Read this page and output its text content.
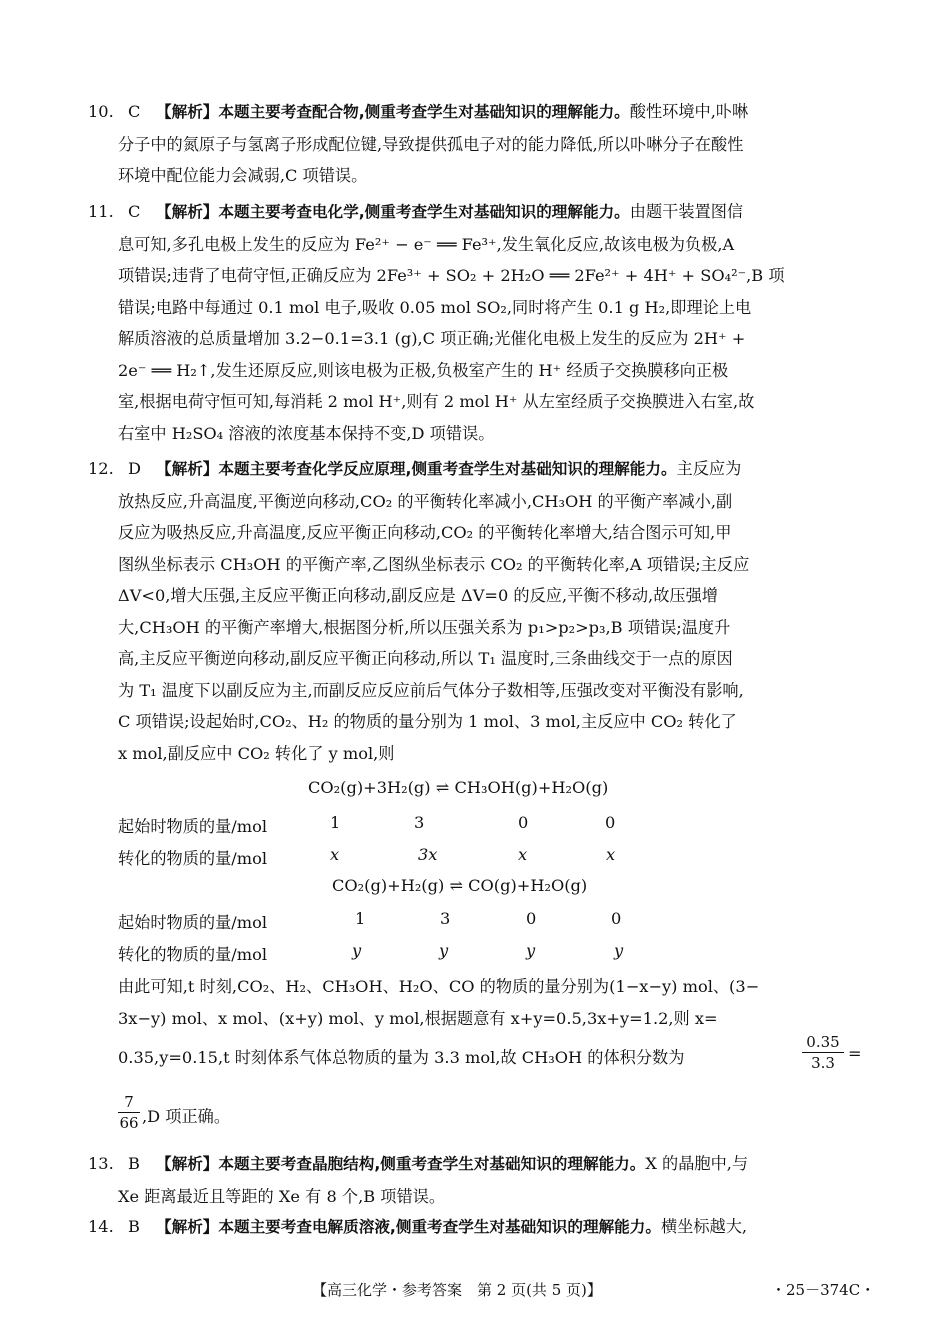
10. C 【解析】本题主要考查配合物,侧重考查学生对基础知识的理解能力。酸性环境中,卟啉
分子中的氮原子与氢离子形成配位键,导致提供孤电子对的能力降低,所以卟啉分子在酸性
环境中配位能力会减弱,C 项错误。
11. C 【解析】本题主要考查电化学,侧重考查学生对基础知识的理解能力。由题干装置图信
息可知,多孔电极上发生的反应为 Fe²⁺ − e⁻ ══ Fe³⁺,发生氧化反应,故该电极为负极,A
项错误;违背了电荷守恒,正确反应为 2Fe³⁺ + SO₂ + 2H₂O ══ 2Fe²⁺ + 4H⁺ + SO₄²⁻,B 项
错误;电路中每通过 0.1 mol 电子,吸收 0.05 mol SO₂,同时将产生 0.1 g H₂,即理论上电
解质溶液的总质量增加 3.2−0.1=3.1 (g),C 项正确;光催化电极上发生的反应为 2H⁺ +
2e⁻ ══ H₂↑,发生还原反应,则该电极为正极,负极室产生的 H⁺ 经质子交换膜移向正极
室,根据电荷守恒可知,每消耗 2 mol H⁺,则有 2 mol H⁺ 从左室经质子交换膜进入右室,故
右室中 H₂SO₄ 溶液的浓度基本保持不变,D 项错误。
12. D 【解析】本题主要考查化学反应原理,侧重考查学生对基础知识的理解能力。主反应为
放热反应,升高温度,平衡逆向移动,CO₂ 的平衡转化率减小,CH₃OH 的平衡产率减小,副
反应为吸热反应,升高温度,反应平衡正向移动,CO₂ 的平衡转化率增大,结合图示可知,甲
图纵坐标表示 CH₃OH 的平衡产率,乙图纵坐标表示 CO₂ 的平衡转化率,A 项错误;主反应
ΔV<0,增大压强,主反应平衡正向移动,副反应是 ΔV=0 的反应,平衡不移动,故压强增
大,CH₃OH 的平衡产率增大,根据图分析,所以压强关系为 p₁>p₂>p₃,B 项错误;温度升
高,主反应平衡逆向移动,副反应平衡正向移动,所以 T₁ 温度时,三条曲线交于一点的原因
为 T₁ 温度下以副反应为主,而副反应反应前后气体分子数相等,压强改变对平衡没有影响,
C 项错误;设起始时,CO₂、H₂ 的物质的量分别为 1 mol、3 mol,主反应中 CO₂ 转化了
x mol,副反应中 CO₂ 转化了 y mol,则
CO₂(g)+3H₂(g) ⇌ CH₃OH(g)+H₂O(g)
起始时物质的量/mol	1	3	0	0
转化的物质的量/mol	x	3x	x	x
CO₂(g)+H₂(g) ⇌ CO(g)+H₂O(g)
起始时物质的量/mol	1	3	0	0
转化的物质的量/mol	y	y	y	y
由此可知,t 时刻,CO₂、H₂、CH₃OH、H₂O、CO 的物质的量分别为(1−x−y) mol、(3−
3x−y) mol、x mol、(x+y) mol、y mol,根据题意有 x+y=0.5,3x+y=1.2,则 x=
0.35,y=0.15,t 时刻体系气体总物质的量为 3.3 mol,故 CH₃OH 的体积分数为
0.35
3.3 =
7
66 ,D 项正确。
13. B 【解析】本题主要考查晶胞结构,侧重考查学生对基础知识的理解能力。X 的晶胞中,与
Xe 距离最近且等距的 Xe 有 8 个,B 项错误。
14. B 【解析】本题主要考查电解质溶液,侧重考查学生对基础知识的理解能力。横坐标越大,
【高三化学・参考答案　第 2 页(共 5 页)】	・25－374C・
